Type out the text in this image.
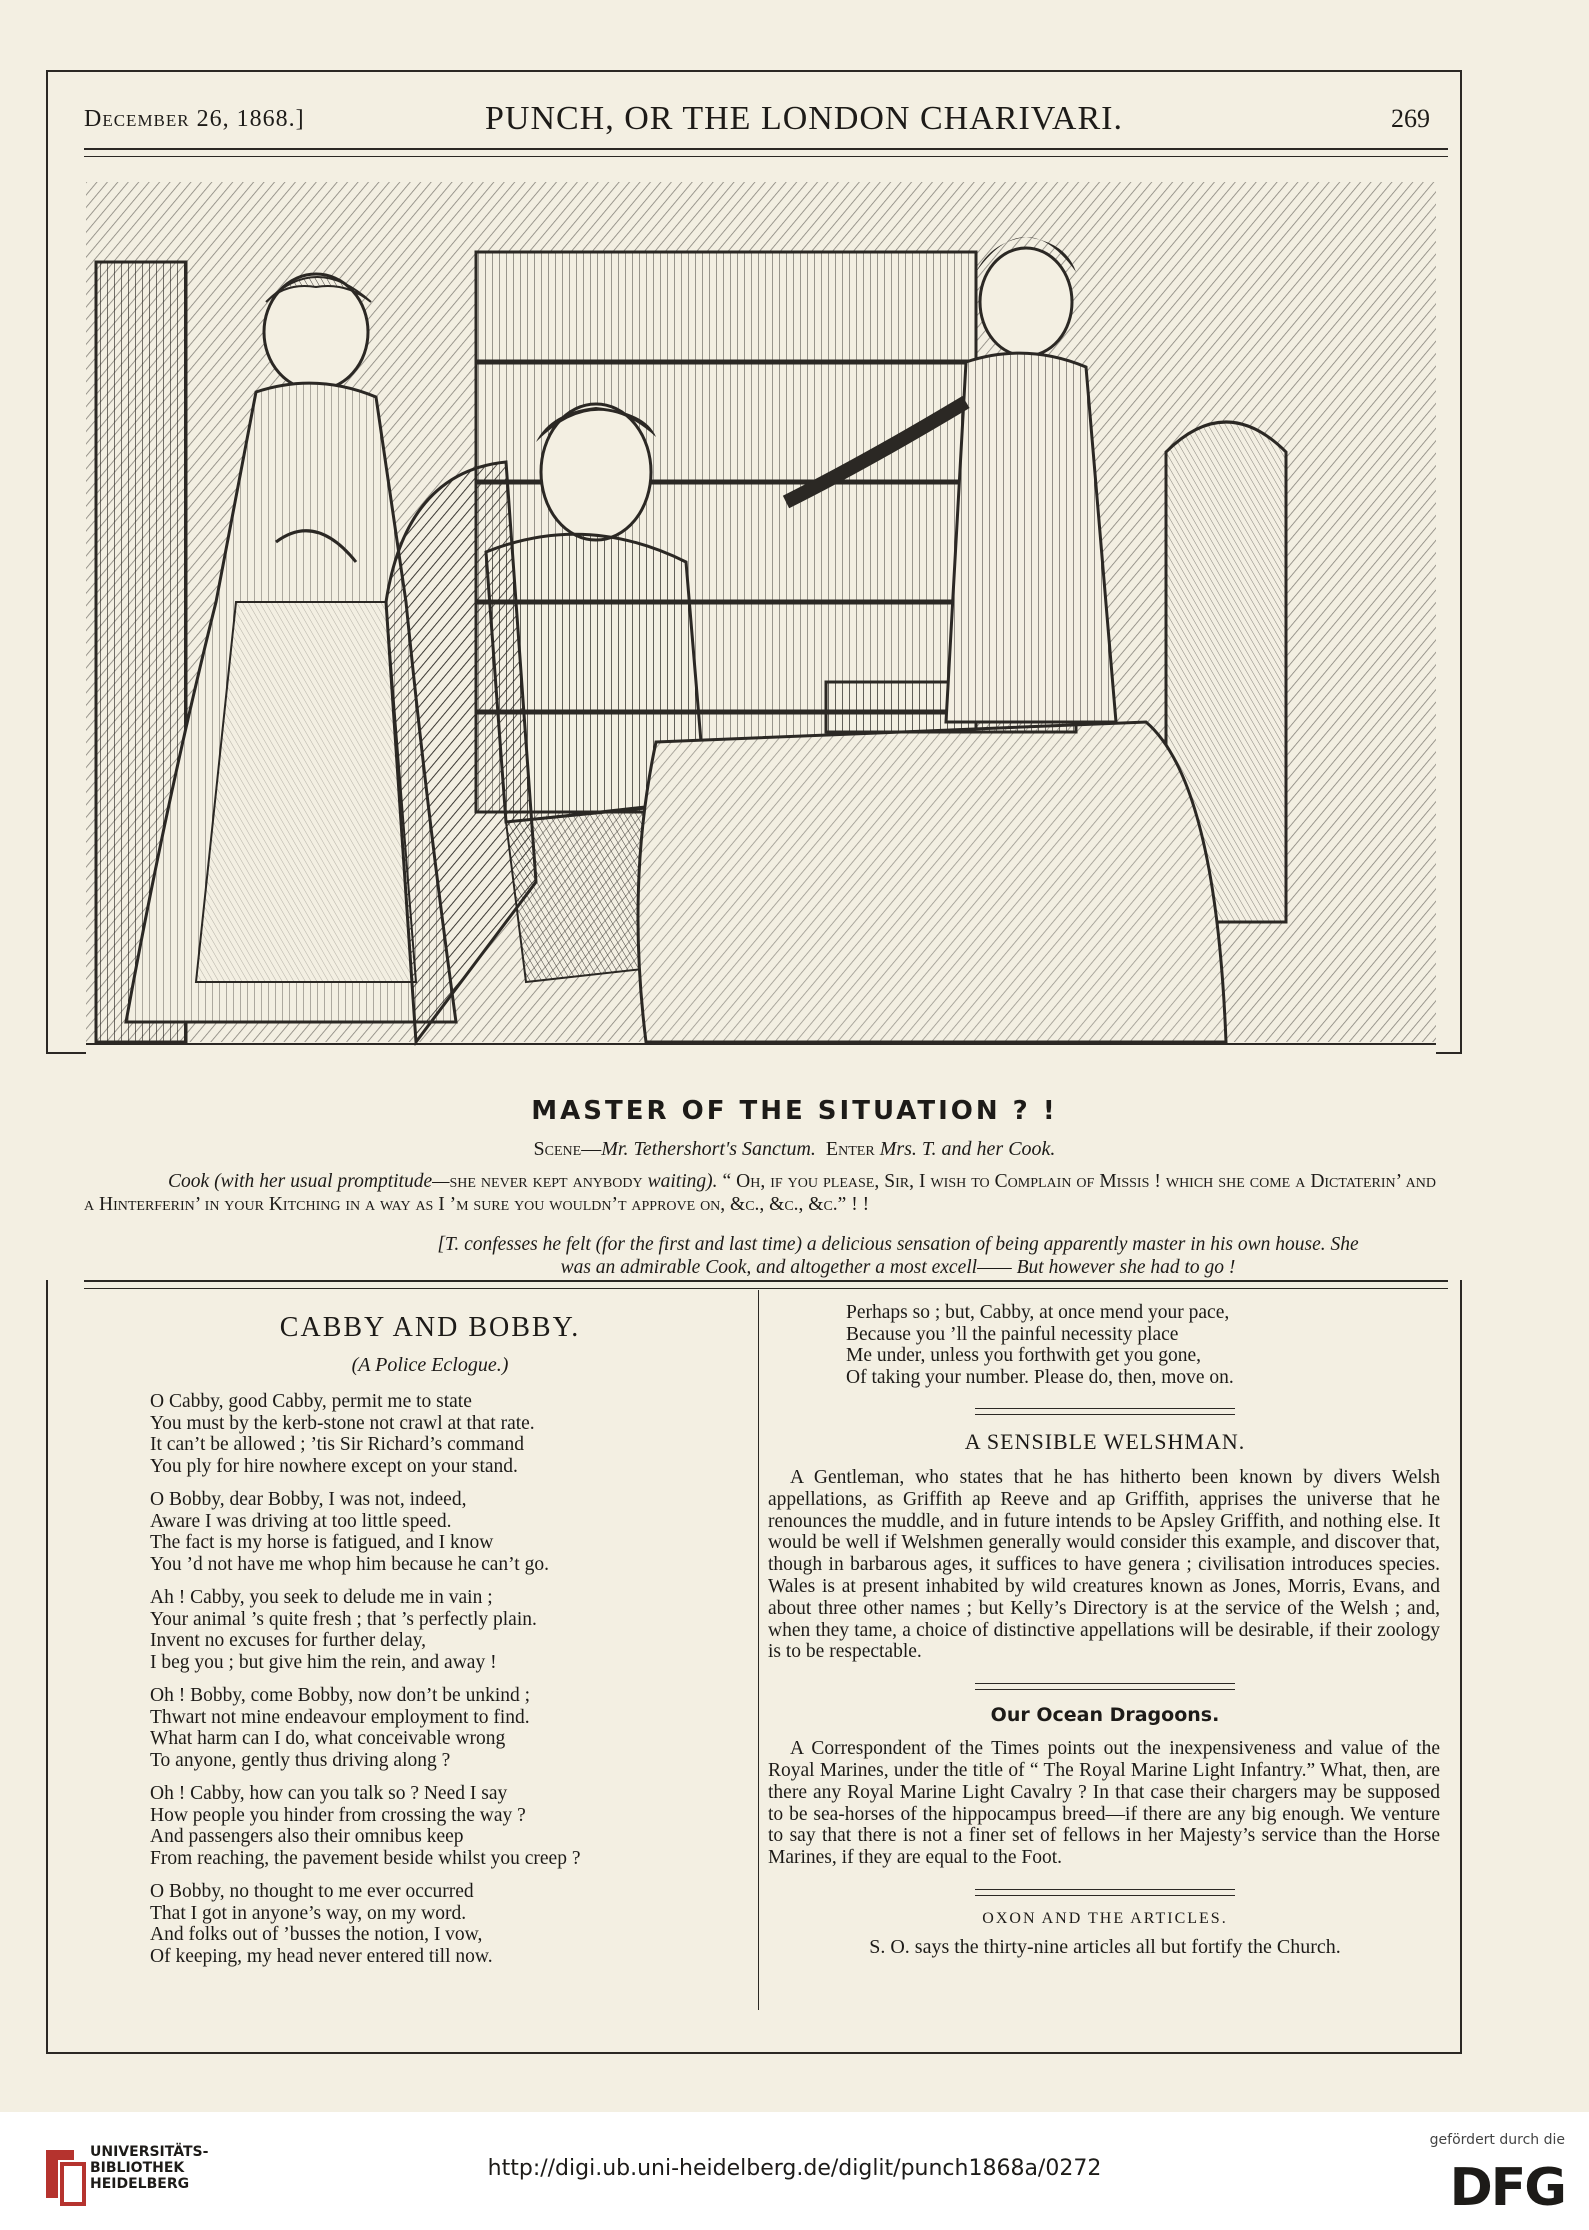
December 26, 1868.]	PUNCH, OR THE LONDON CHARIVARI.	269
MASTER OF THE SITUATION ? !
Scene—Mr. Tethershort's Sanctum. Enter Mrs. T. and her Cook.
Cook (with her usual promptitude—she never kept anybody waiting). “ Oh, if you please, Sir, I wish to Complain of Missis ! which she come a Dictaterin’ and a Hinterferin’ in your Kitching in a way as I ’m sure you wouldn’t approve on, &c., &c., &c.” ! !
[T. confesses he felt (for the first and last time) a delicious sensation of being apparently master in his own house. She
was an admirable Cook, and altogether a most excell—— But however she had to go !
CABBY AND BOBBY.
(A Police Eclogue.)
O Cabby, good Cabby, permit me to state
You must by the kerb-stone not crawl at that rate.
It can’t be allowed ; ’tis Sir Richard’s command
You ply for hire nowhere except on your stand.
O Bobby, dear Bobby, I was not, indeed,
Aware I was driving at too little speed.
The fact is my horse is fatigued, and I know
You ’d not have me whop him because he can’t go.
Ah ! Cabby, you seek to delude me in vain ;
Your animal ’s quite fresh ; that ’s perfectly plain.
Invent no excuses for further delay,
I beg you ; but give him the rein, and away !
Oh ! Bobby, come Bobby, now don’t be unkind ;
Thwart not mine endeavour employment to find.
What harm can I do, what conceivable wrong
To anyone, gently thus driving along ?
Oh ! Cabby, how can you talk so ? Need I say
How people you hinder from crossing the way ?
And passengers also their omnibus keep
From reaching, the pavement beside whilst you creep ?
O Bobby, no thought to me ever occurred
That I got in anyone’s way, on my word.
And folks out of ’busses the notion, I vow,
Of keeping, my head never entered till now.
Perhaps so ; but, Cabby, at once mend your pace,
Because you ’ll the painful necessity place
Me under, unless you forthwith get you gone,
Of taking your number. Please do, then, move on.
A SENSIBLE WELSHMAN.
A Gentleman, who states that he has hitherto been known by divers Welsh appellations, as Griffith ap Reeve and ap Griffith, apprises the universe that he renounces the muddle, and in future intends to be Apsley Griffith, and nothing else. It would be well if Welshmen generally would consider this example, and discover that, though in barbarous ages, it suffices to have genera ; civilisation introduces species. Wales is at present inhabited by wild creatures known as Jones, Morris, Evans, and about three other names ; but Kelly’s Directory is at the service of the Welsh ; and, when they tame, a choice of distinctive appellations will be desirable, if their zoology is to be respectable.
Our Ocean Dragoons.
A Correspondent of the Times points out the inexpensiveness and value of the Royal Marines, under the title of “ The Royal Marine Light Infantry.” What, then, are there any Royal Marine Light Cavalry ? In that case their chargers may be supposed to be sea-horses of the hippocampus breed—if there are any big enough. We venture to say that there is not a finer set of fellows in her Majesty’s service than the Horse Marines, if they are equal to the Foot.
OXON AND THE ARTICLES.
S. O. says the thirty-nine articles all but fortify the Church.
UNIVERSITÄTS-
BIBLIOTHEK
HEIDELBERG
http://digi.ub.uni-heidelberg.de/diglit/punch1868a/0272
gefördert durch die
DFG
